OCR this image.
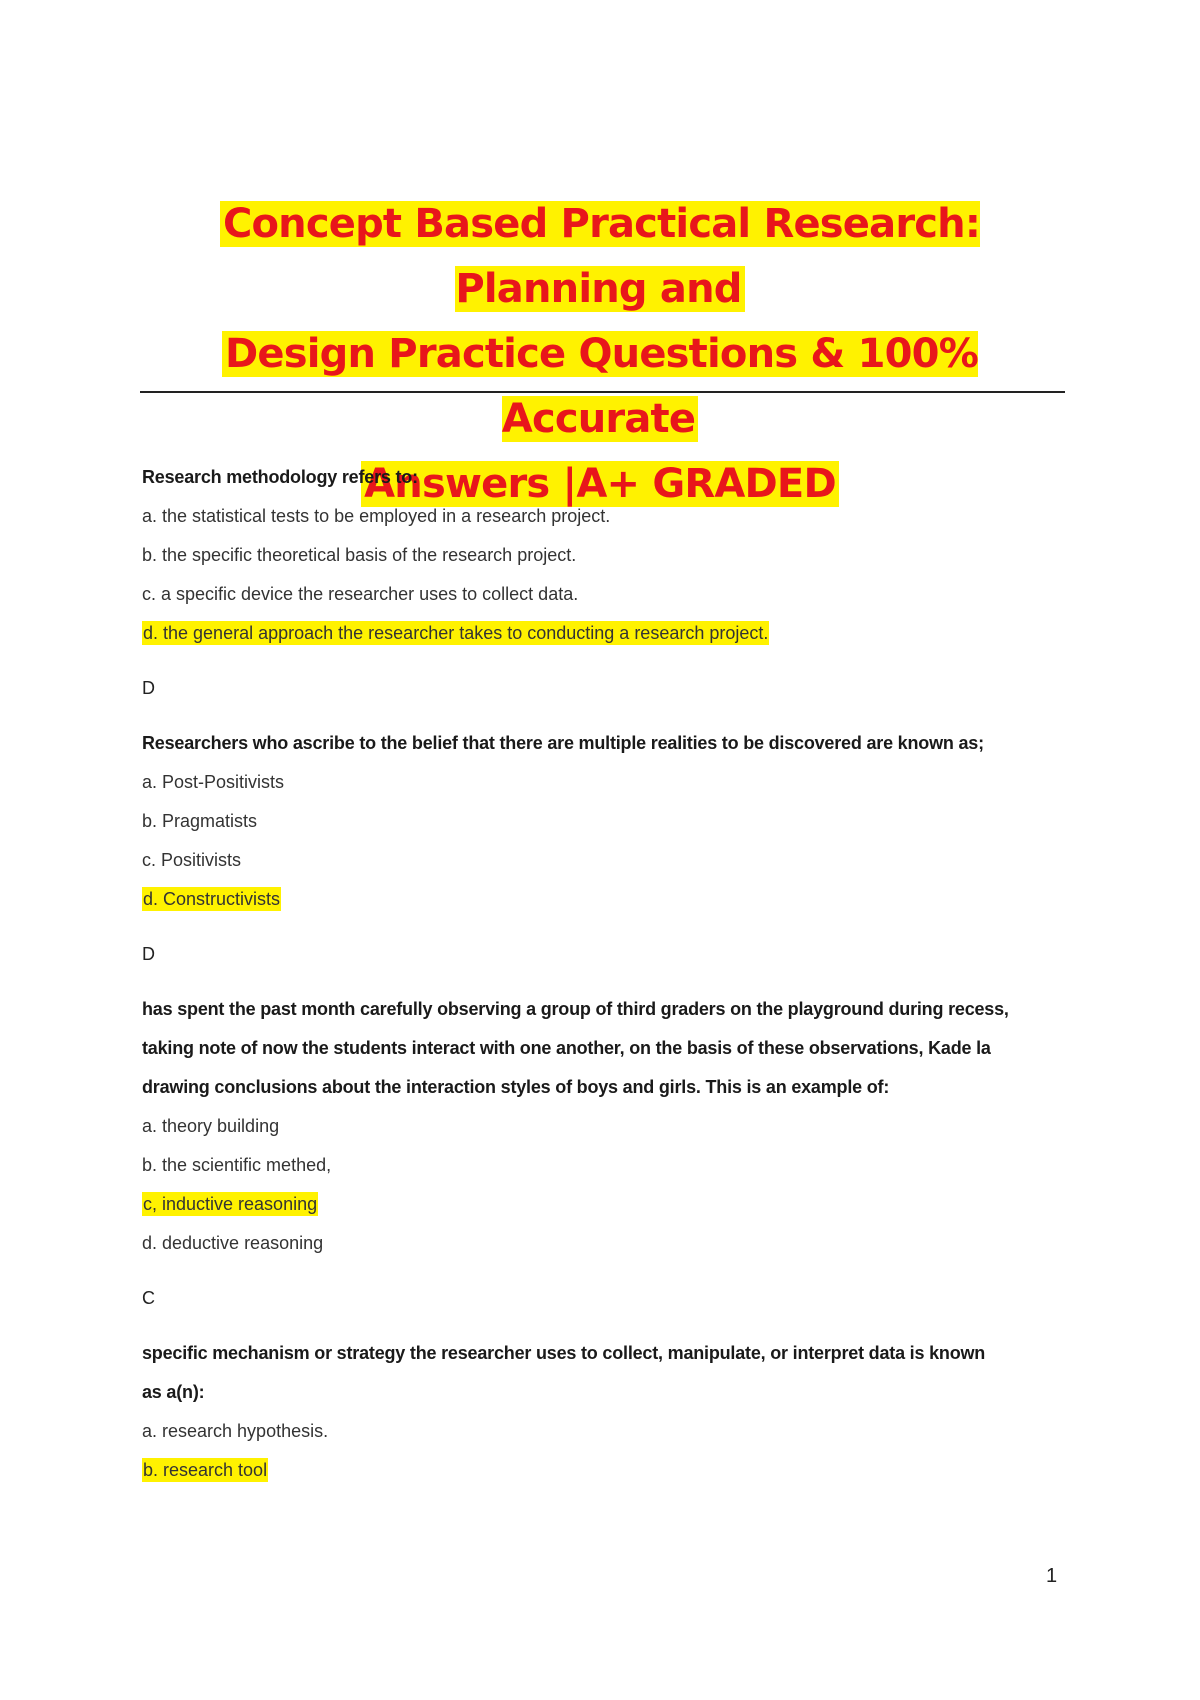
Concept Based Practical Research: Planning and
Design Practice Questions & 100% Accurate
Answers |A+ GRADED
Research methodology refers to:
a. the statistical tests to be employed in a research project.
b. the specific theoretical basis of the research project.
c. a specific device the researcher uses to collect data.
d. the general approach the researcher takes to conducting a research project.
D
Researchers who ascribe to the belief that there are multiple realities to be discovered are known as;
a. Post-Positivists
b. Pragmatists
c. Positivists
d. Constructivists
D
has spent the past month carefully observing a group of third graders on the playground during recess,
taking note of now the students interact with one another, on the basis of these observations, Kade la
drawing conclusions about the interaction styles of boys and girls. This is an example of:
a. theory building
b. the scientific methed,
c, inductive reasoning
d. deductive reasoning
C
specific mechanism or strategy the researcher uses to collect, manipulate, or interpret data is known
as a(n):
a. research hypothesis.
b. research tool
1
